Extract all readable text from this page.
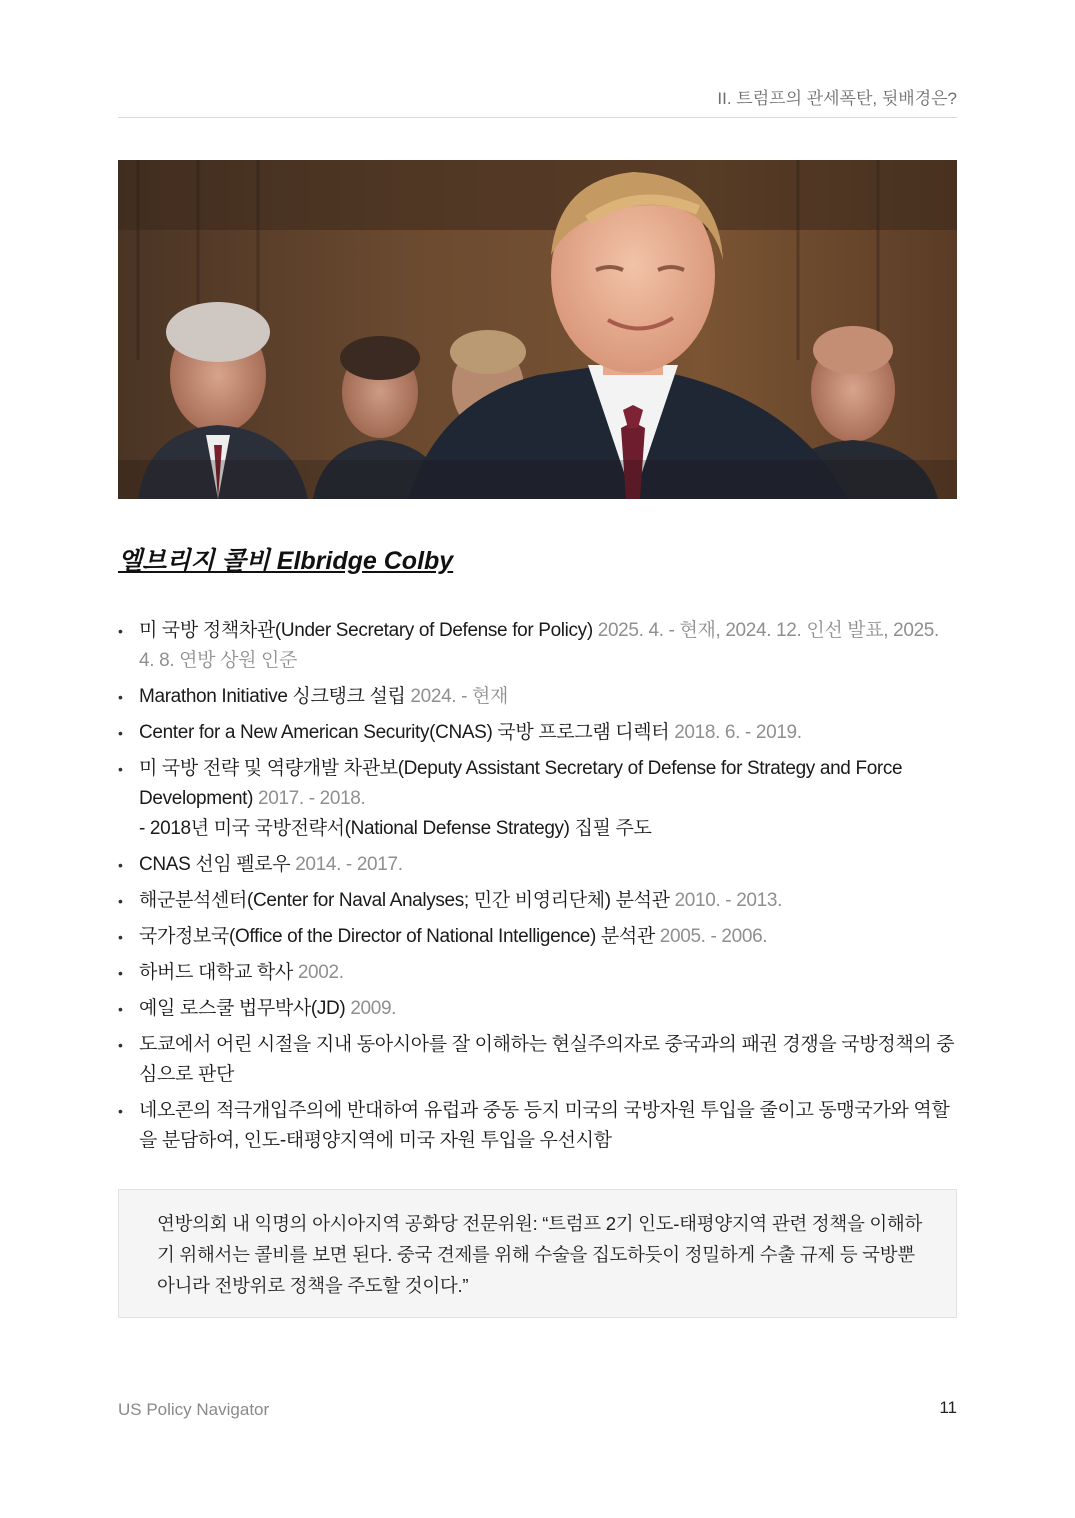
II. 트럼프의 관세폭탄, 뒷배경은?
엘브리지 콜비 Elbridge Colby
• 미 국방 정책차관(Under Secretary of Defense for Policy) 2025. 4. - 현재, 2024. 12. 인선 발표, 2025. 4. 8. 연방 상원 인준
• Marathon Initiative 싱크탱크 설립 2024. - 현재
• Center for a New American Security(CNAS) 국방 프로그램 디렉터 2018. 6. - 2019.
• 미 국방 전략 및 역량개발 차관보(Deputy Assistant Secretary of Defense for Strategy and Force Development) 2017. - 2018.
- 2018년 미국 국방전략서(National Defense Strategy) 집필 주도
• CNAS 선임 펠로우 2014. - 2017.
• 해군분석센터(Center for Naval Analyses; 민간 비영리단체) 분석관 2010. - 2013.
• 국가정보국(Office of the Director of National Intelligence) 분석관 2005. - 2006.
• 하버드 대학교 학사 2002.
• 예일 로스쿨 법무박사(JD) 2009.
• 도쿄에서 어린 시절을 지내 동아시아를 잘 이해하는 현실주의자로 중국과의 패권 경쟁을 국방정책의 중심으로 판단
• 네오콘의 적극개입주의에 반대하여 유럽과 중동 등지 미국의 국방자원 투입을 줄이고 동맹국가와 역할을 분담하여, 인도-태평양지역에 미국 자원 투입을 우선시함
연방의회 내 익명의 아시아지역 공화당 전문위원: “트럼프 2기 인도-태평양지역 관련 정책을 이해하기 위해서는 콜비를 보면 된다. 중국 견제를 위해 수술을 집도하듯이 정밀하게 수출 규제 등 국방뿐 아니라 전방위로 정책을 주도할 것이다.”
US Policy Navigator	11
